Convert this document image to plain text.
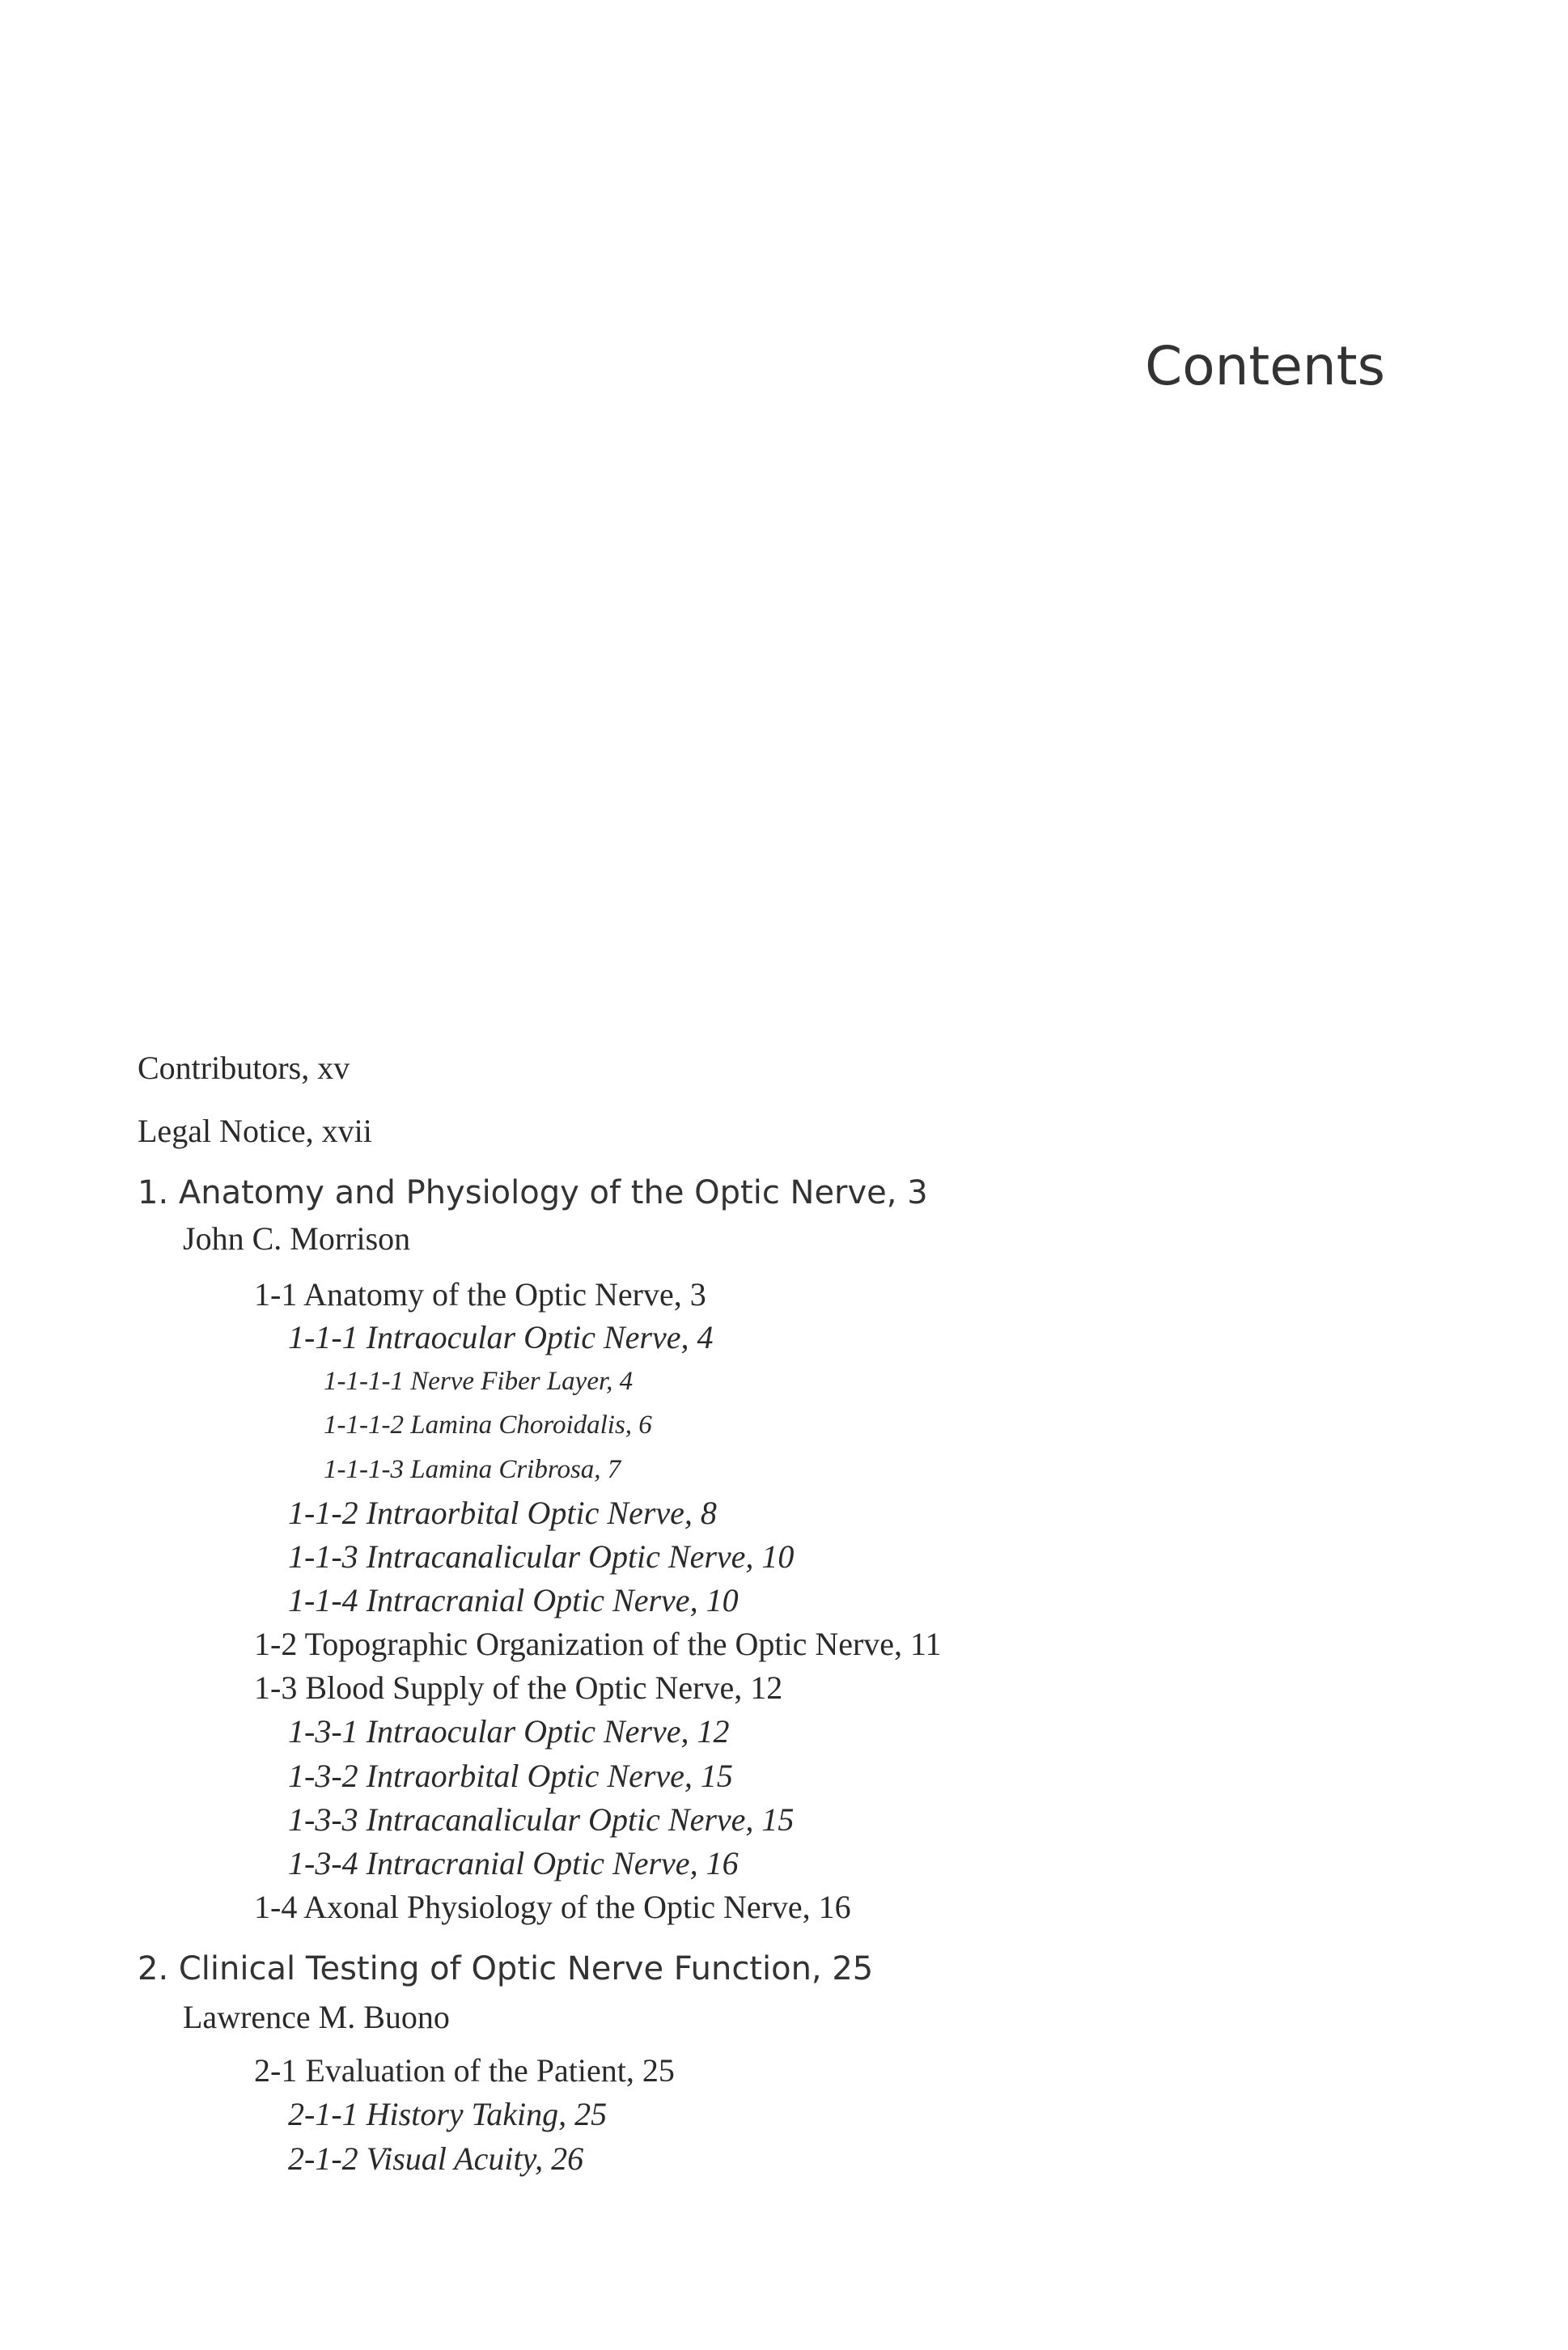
Contents
Contributors, xv
Legal Notice, xvii
1. Anatomy and Physiology of the Optic Nerve, 3
John C. Morrison
1-1 Anatomy of the Optic Nerve, 3
1-1-1 Intraocular Optic Nerve, 4
1-1-1-1 Nerve Fiber Layer, 4
1-1-1-2 Lamina Choroidalis, 6
1-1-1-3 Lamina Cribrosa, 7
1-1-2 Intraorbital Optic Nerve, 8
1-1-3 Intracanalicular Optic Nerve, 10
1-1-4 Intracranial Optic Nerve, 10
1-2 Topographic Organization of the Optic Nerve, 11
1-3 Blood Supply of the Optic Nerve, 12
1-3-1 Intraocular Optic Nerve, 12
1-3-2 Intraorbital Optic Nerve, 15
1-3-3 Intracanalicular Optic Nerve, 15
1-3-4 Intracranial Optic Nerve, 16
1-4 Axonal Physiology of the Optic Nerve, 16
2. Clinical Testing of Optic Nerve Function, 25
Lawrence M. Buono
2-1 Evaluation of the Patient, 25
2-1-1 History Taking, 25
2-1-2 Visual Acuity, 26
